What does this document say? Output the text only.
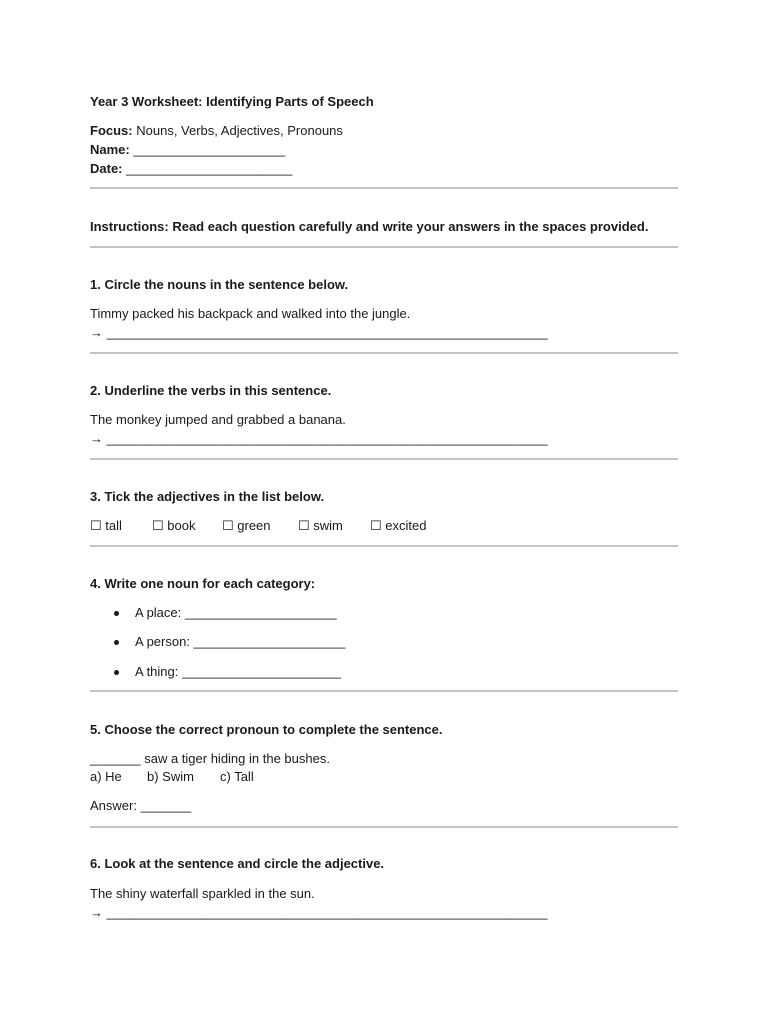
Year 3 Worksheet: Identifying Parts of Speech
Focus: Nouns, Verbs, Adjectives, Pronouns
Name: _____________________
Date: _______________________
Instructions: Read each question carefully and write your answers in the spaces provided.
1. Circle the nouns in the sentence below.
Timmy packed his backpack and walked into the jungle.
→ _____________________________________________________________
2. Underline the verbs in this sentence.
The monkey jumped and grabbed a banana.
→ _____________________________________________________________
3. Tick the adjectives in the list below.
☐ tall ☐ book ☐ green ☐ swim ☐ excited
4. Write one noun for each category:
A place: _____________________
A person: _____________________
A thing: ______________________
5. Choose the correct pronoun to complete the sentence.
_______ saw a tiger hiding in the bushes.
a) He b) Swim c) Tall
Answer: _______
6. Look at the sentence and circle the adjective.
The shiny waterfall sparkled in the sun.
→ _____________________________________________________________
